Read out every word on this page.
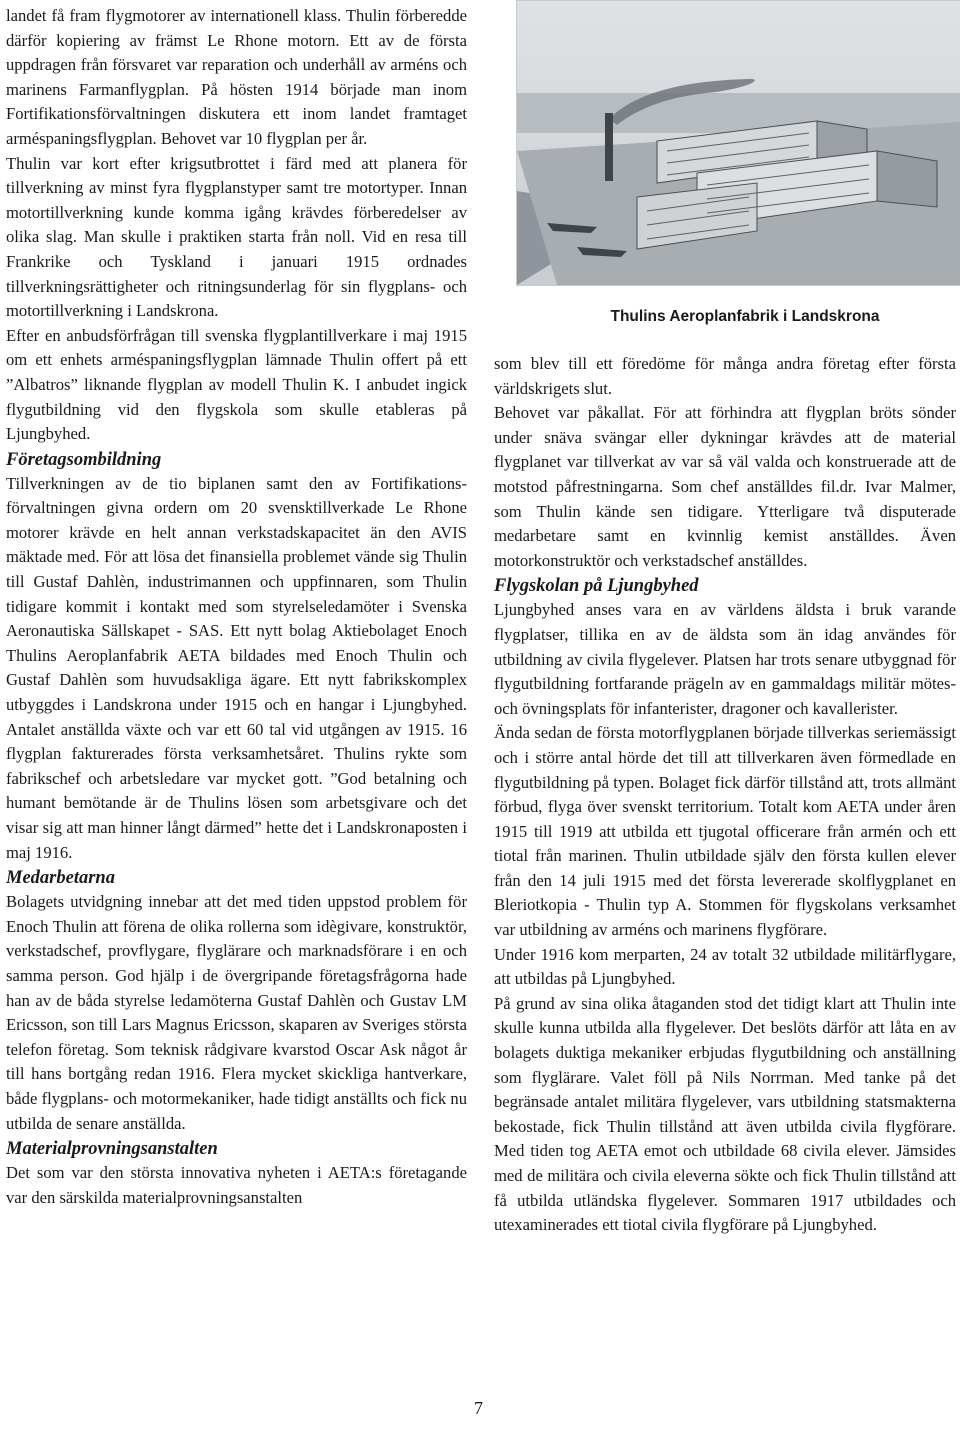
landet få fram flygmotorer av internationell klass. Thulin förberedde därför kopiering av främst Le Rhone motorn. Ett av de första uppdragen från försvaret var reparation och underhåll av arméns och marinens Farmanflygplan. På hösten 1914 började man inom Fortifikationsförvaltningen diskutera ett inom landet framtaget arméspaningsflygplan. Behovet var 10 flygplan per år.

Thulin var kort efter krigsutbrottet i färd med att planera för tillverkning av minst fyra flygplanstyper samt tre motortyper. Innan motortillverkning kunde komma igång krävdes förberedelser av olika slag. Man skulle i praktiken starta från noll. Vid en resa till Frankrike och Tyskland i januari 1915 ordnades tillverkningsrättigheter och ritningsunderlag för sin flygplans- och motortillverkning i Landskrona.

Efter en anbudsförfrågan till svenska flygplantillverkare i maj 1915 om ett enhets arméspaningsflygplan lämnade Thulin offert på ett ”Albatros” liknande flygplan av modell Thulin K. I anbudet ingick flygutbildning vid den flygskola som skulle etableras på Ljungbyhed.

Företagsombildning

Tillverkningen av de tio biplanen samt den av Fortifikations-förvaltningen givna ordern om 20 svensktillverkade Le Rhone motorer krävde en helt annan verkstadskapacitet än den AVIS mäktade med. För att lösa det finansiella problemet vände sig Thulin till Gustaf Dahlèn, industrimannen och uppfinnaren, som Thulin tidigare kommit i kontakt med som styrelseledamöter i Svenska Aeronautiska Sällskapet - SAS. Ett nytt bolag Aktiebolaget Enoch Thulins Aeroplanfabrik AETA bildades med Enoch Thulin och Gustaf Dahlèn som huvudsakliga ägare. Ett nytt fabrikskomplex utbyggdes i Landskrona under 1915 och en hangar i Ljungbyhed. Antalet anställda växte och var ett 60 tal vid utgången av 1915. 16 flygplan fakturerades första verksamhetsåret. Thulins rykte som fabrikschef och arbetsledare var mycket gott. ”God betalning och humant bemötande är de Thulins lösen som arbetsgivare och det visar sig att man hinner långt därmed” hette det i Landskronaposten i maj 1916.

Medarbetarna

Bolagets utvidgning innebar att det med tiden uppstod problem för Enoch Thulin att förena de olika rollerna som idègivare, konstruktör, verkstadschef, provflygare, flyglärare och marknadsförare i en och samma person. God hjälp i de övergripande företagsfrågorna hade han av de båda styrelse ledamöterna Gustaf Dahlèn och Gustav LM Ericsson, son till Lars Magnus Ericsson, skaparen av Sveriges största telefon företag. Som teknisk rådgivare kvarstod Oscar Ask något år till hans bortgång redan 1916. Flera mycket skickliga hantverkare, både flygplans- och motormekaniker, hade tidigt anställts och fick nu utbilda de senare anställda.

Materialprovningsanstalten

Det som var den största innovativa nyheten i AETA:s företagande var den särskilda materialprovningsanstalten

Thulins Aeroplanfabrik i Landskrona

som blev till ett föredöme för många andra företag efter första världskrigets slut.

Behovet var påkallat. För att förhindra att flygplan bröts sönder under snäva svängar eller dykningar krävdes att de material flygplanet var tillverkat av var så väl valda och konstruerade att de motstod påfrestningarna. Som chef anställdes fil.dr. Ivar Malmer, som Thulin kände sen tidigare. Ytterligare två disputerade medarbetare samt en kvinnlig kemist anställdes. Även motorkonstruktör och verkstadschef anställdes.

Flygskolan på Ljungbyhed

Ljungbyhed anses vara en av världens äldsta i bruk varande flygplatser, tillika en av de äldsta som än idag användes för utbildning av civila flygelever. Platsen har trots senare utbyggnad för flygutbildning fortfarande prägeln av en gammaldags militär mötes- och övningsplats för infanterister, dragoner och kavallerister.

Ända sedan de första motorflygplanen började tillverkas seriemässigt och i större antal hörde det till att tillverkaren även förmedlade en flygutbildning på typen. Bolaget fick därför tillstånd att, trots allmänt förbud, flyga över svenskt territorium. Totalt kom AETA under åren 1915 till 1919 att utbilda ett tjugotal officerare från armén och ett tiotal från marinen. Thulin utbildade själv den första kullen elever från den 14 juli 1915 med det första levererade skolflygplanet en Bleriotkopia - Thulin typ A. Stommen för flygskolans verksamhet var utbildning av arméns och marinens flygförare.

Under 1916 kom merparten, 24 av totalt 32 utbildade militärflygare, att utbildas på Ljungbyhed.

På grund av sina olika åtaganden stod det tidigt klart att Thulin inte skulle kunna utbilda alla flygelever. Det beslöts därför att låta en av bolagets duktiga mekaniker erbjudas flygutbildning och anställning som flyglärare. Valet föll på Nils Norrman. Med tanke på det begränsade antalet militära flygelever, vars utbildning statsmakterna bekostade, fick Thulin tillstånd att även utbilda civila flygförare. Med tiden tog AETA emot och utbildade 68 civila elever. Jämsides med de militära och civila eleverna sökte och fick Thulin tillstånd att få utbilda utländska flygelever. Sommaren 1917 utbildades och utexaminerades ett tiotal civila flygförare på Ljungbyhed.

7
